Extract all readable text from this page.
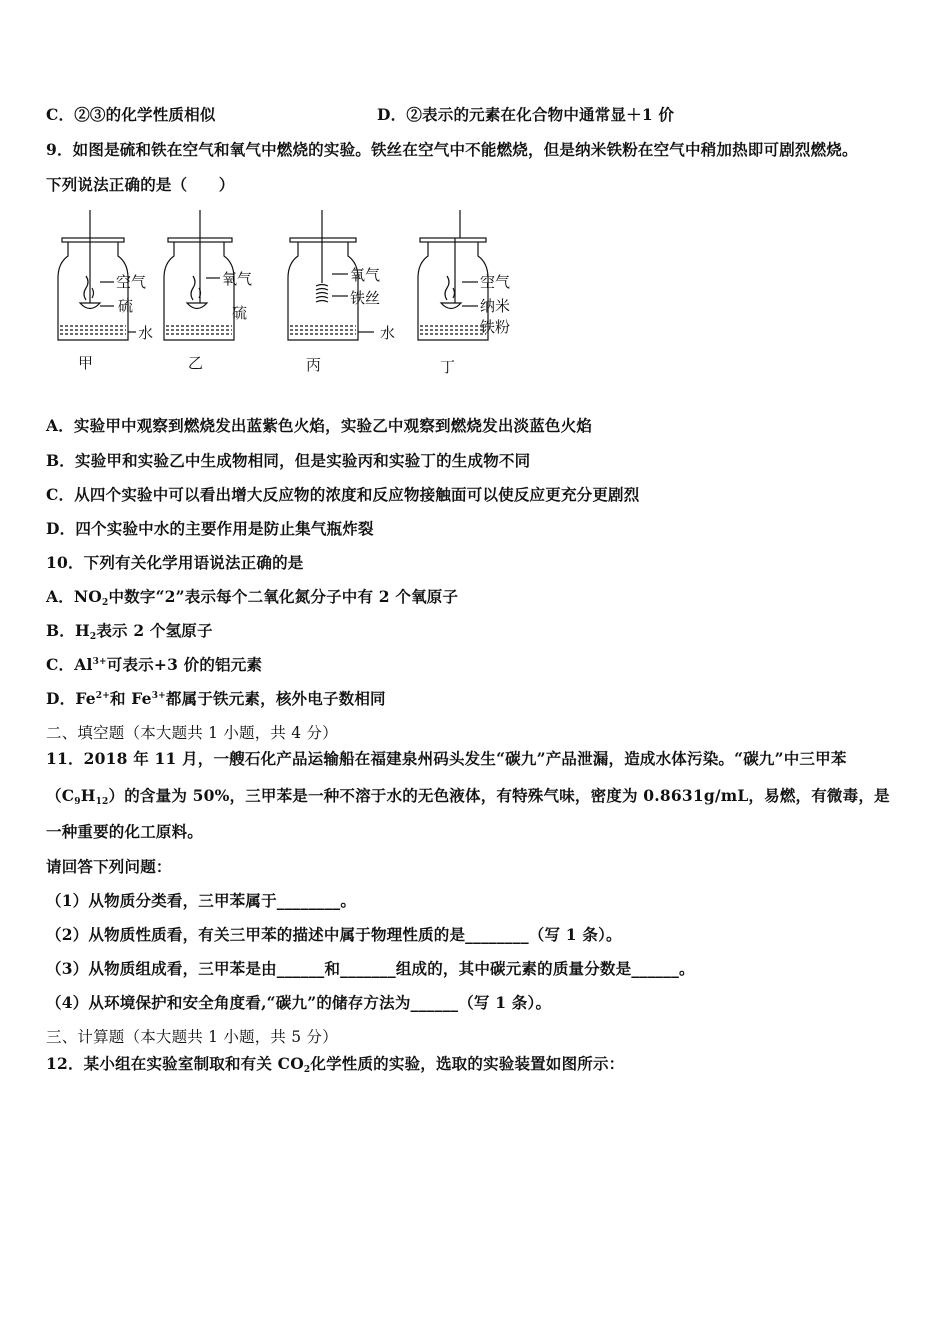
C．②③的化学性质相似	D．②表示的元素在化合物中通常显＋1 价
9．如图是硫和铁在空气和氧气中燃烧的实验。铁丝在空气中不能燃烧，但是纳米铁粉在空气中稍加热即可剧烈燃烧。
下列说法正确的是（　　）
空气
硫
水
甲
氧气
硫
乙
氧气
铁丝
水
丙
空气
纳米
铁粉
丁
A．实验甲中观察到燃烧发出蓝紫色火焰，实验乙中观察到燃烧发出淡蓝色火焰
B．实验甲和实验乙中生成物相同，但是实验丙和实验丁的生成物不同
C．从四个实验中可以看出增大反应物的浓度和反应物接触面可以使反应更充分更剧烈
D．四个实验中水的主要作用是防止集气瓶炸裂
10．下列有关化学用语说法正确的是
A．$NO_2$中数字“2”表示每个二氧化氮分子中有 2 个氧原子
B．$H_2$表示 2 个氢原子
C．$Al^{3+}$可表示+3 价的铝元素
D．$Fe^{2+}$和 $Fe^{3+}$都属于铁元素，核外电子数相同
二、填空题（本大题共 1 小题，共 4 分）
11．2018 年 11 月，一艘石化产品运输船在福建泉州码头发生“碳九”产品泄漏，造成水体污染。“碳九”中三甲苯
$(C_9H_{12})$的含量为 50%，三甲苯是一种不溶于水的无色液体，有特殊气味，密度为 0.8631g/mL，易燃，有微毒，是
一种重要的化工原料。
请回答下列问题：
（1）从物质分类看，三甲苯属于________。
（2）从物质性质看，有关三甲苯的描述中属于物理性质的是________（写 1 条）。
（3）从物质组成看，三甲苯是由______和_______组成的，其中碳元素的质量分数是______。
（4）从环境保护和安全角度看,“碳九”的储存方法为______（写 1 条）。
三、计算题（本大题共 1 小题，共 5 分）
12．某小组在实验室制取和有关 $CO_2$化学性质的实验，选取的实验装置如图所示：
